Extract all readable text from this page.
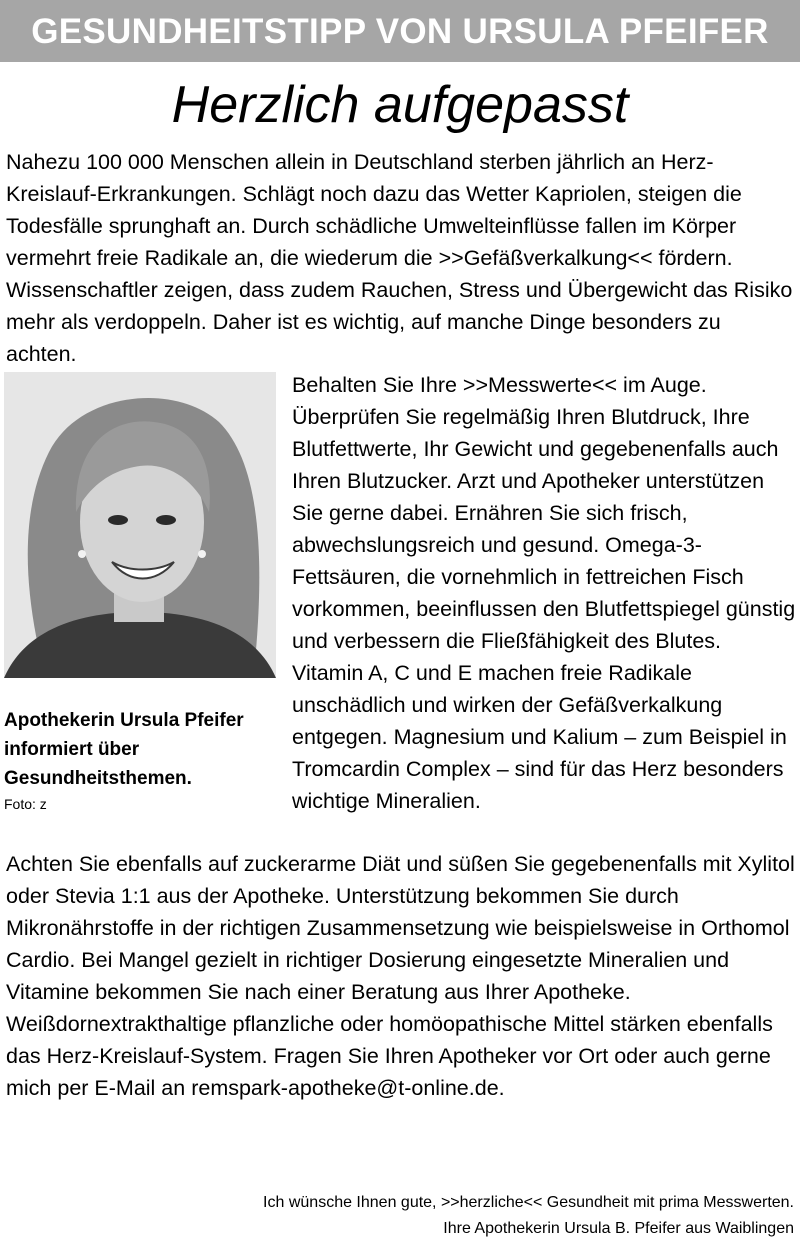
GESUNDHEITSTIPP VON URSULA PFEIFER
Herzlich aufgepasst

Nahezu 100 000 Menschen allein in Deutschland sterben jährlich an Herz-Kreislauf-Erkrankungen. Schlägt noch dazu das Wetter Kapriolen, steigen die Todesfälle sprunghaft an. Durch schädliche Umwelteinflüsse fallen im Körper vermehrt freie Radikale an, die wiederum die >>Gefäßverkalkung<< fördern. Wissenschaftler zeigen, dass zudem Rauchen, Stress und Übergewicht das Risiko mehr als verdoppeln. Daher ist es wichtig, auf manche Dinge besonders zu achten.

Apothekerin Ursula Pfeifer informiert über Gesundheitsthemen.
Foto: z

Behalten Sie Ihre >>Messwerte<< im Auge. Überprüfen Sie regelmäßig Ihren Blutdruck, Ihre Blutfettwerte, Ihr Gewicht und gegebenenfalls auch Ihren Blutzucker. Arzt und Apotheker unterstützen Sie gerne dabei. Ernähren Sie sich frisch, abwechslungsreich und gesund. Omega-3-Fettsäuren, die vornehmlich in fettreichen Fisch vorkommen, beeinflussen den Blutfettspiegel günstig und verbessern die Fließfähigkeit des Blutes. Vitamin A, C und E machen freie Radikale unschädlich und wirken der Gefäßverkalkung entgegen. Magnesium und Kalium – zum Beispiel in Tromcardin Complex – sind für das Herz besonders wichtige Mineralien.

Achten Sie ebenfalls auf zuckerarme Diät und süßen Sie gegebenenfalls mit Xylitol oder Stevia 1:1 aus der Apotheke. Unterstützung bekommen Sie durch Mikronährstoffe in der richtigen Zusammensetzung wie beispielsweise in Orthomol Cardio. Bei Mangel gezielt in richtiger Dosierung eingesetzte Mineralien und Vitamine bekommen Sie nach einer Beratung aus Ihrer Apotheke. Weißdornextrakthaltige pflanzliche oder homöopathische Mittel stärken ebenfalls das Herz-Kreislauf-System. Fragen Sie Ihren Apotheker vor Ort oder auch gerne mich per E-Mail an remspark-apotheke@t-online.de.

Ich wünsche Ihnen gute, >>herzliche<< Gesundheit mit prima Messwerten.
Ihre Apothekerin Ursula B. Pfeifer aus Waiblingen
